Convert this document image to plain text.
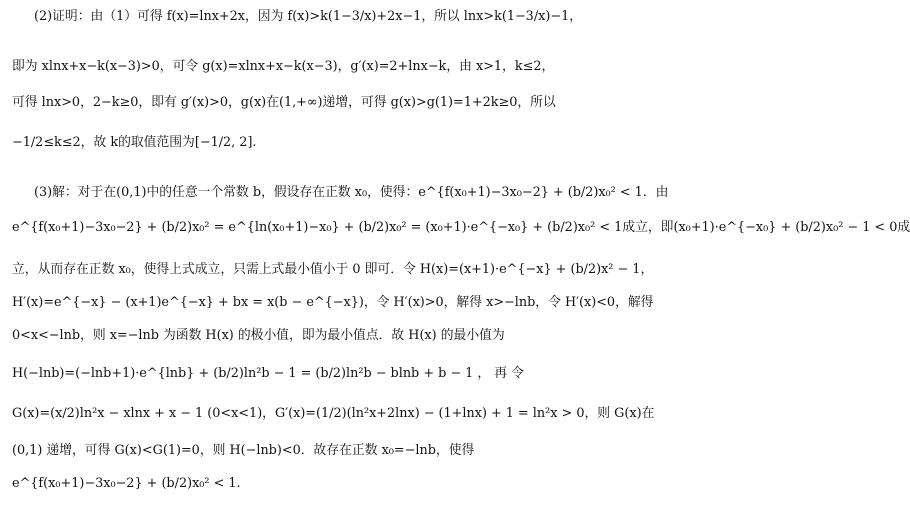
(2)证明：由（1）可得 f(x)=lnx+2x，因为 f(x)>k(1−3/x)+2x−1，所以 lnx>k(1−3/x)−1，
即为 xlnx+x−k(x−3)>0，可令 g(x)=xlnx+x−k(x−3)，g′(x)=2+lnx−k，由 x>1，k≤2，
可得 lnx>0，2−k≥0，即有 g′(x)>0，g(x)在(1,+∞)递增，可得 g(x)>g(1)=1+2k≥0，所以
−1/2≤k≤2，故 k的取值范围为[−1/2, 2].
(3)解：对于在(0,1)中的任意一个常数 b，假设存在正数 x₀，使得：e^{f(x₀+1)−3x₀−2} + (b/2)x₀² < 1．由
e^{f(x₀+1)−3x₀−2} + (b/2)x₀² = e^{ln(x₀+1)−x₀} + (b/2)x₀² = (x₀+1)·e^{−x₀} + (b/2)x₀² < 1成立，即(x₀+1)·e^{−x₀} + (b/2)x₀² − 1 < 0成
立，从而存在正数 x₀，使得上式成立，只需上式最小值小于 0 即可．令 H(x)=(x+1)·e^{−x} + (b/2)x² − 1，
H′(x)=e^{−x} − (x+1)e^{−x} + bx = x(b − e^{−x})，令 H′(x)>0，解得 x>−lnb，令 H′(x)<0，解得
0<x<−lnb，则 x=−lnb 为函数 H(x) 的极小值，即为最小值点．故 H(x) 的最小值为
H(−lnb)=(−lnb+1)·e^{lnb} + (b/2)ln²b − 1 = (b/2)ln²b − blnb + b − 1 ， 再 令
G(x)=(x/2)ln²x − xlnx + x − 1 (0<x<1)，G′(x)=(1/2)(ln²x+2lnx) − (1+lnx) + 1 = ln²x > 0，则 G(x)在
(0,1) 递增，可得 G(x)<G(1)=0，则 H(−lnb)<0．故存在正数 x₀=−lnb，使得
e^{f(x₀+1)−3x₀−2} + (b/2)x₀² < 1.
